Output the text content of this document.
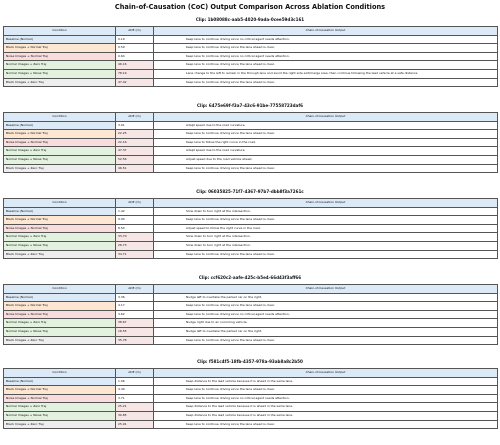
Chain-of-Causation (CoC) Output Comparison Across Ablation Conditions
Clip: 1b08088c-aab5-4020-9ada-0cee59d3c161
Condition	ADE (m)	Chain-of-Causation Output
Baseline (Normal)	0.19	Keep lane to continue driving since no critical agent needs attention.
Black Images + Normal Traj	0.59	Keep lane to continue driving since the lane ahead is clear.
Noise Images + Normal Traj	0.64	Keep lane to continue driving since no critical agent needs attention.
Normal Images + Zero Traj	46.16	Keep lane to continue driving since the lane ahead is clear.
Normal Images + Noise Traj	78.19	Lane change to the left to remain in the through lane and avoid the right side exit/merge area, then continue following the lead vehicle at a safe distance.
Black Images + Zero Traj	47.42	Keep lane to continue driving since the lane ahead is clear.
Clip: 6475e69f-f3a7-43c6-91be-77558723daf6
Condition	ADE (m)	Chain-of-Causation Output
Baseline (Normal)	3.01	Adapt speed due to the road curvature.
Black Images + Normal Traj	22.25	Keep lane to continue driving since the lane ahead is clear.
Noise Images + Normal Traj	22.16	Keep lane to follow the right curve in the road.
Normal Images + Zero Traj	47.37	Adapt speed due to the road curvature.
Normal Images + Noise Traj	52.56	Adjust speed due to the road vehicle ahead.
Black Images + Zero Traj	46.51	Keep lane to continue driving since the lane ahead is clear.
Clip: 06035825-71f7-4367-97b7-dbb8f3a7261c
Condition	ADE (m)	Chain-of-Causation Output
Baseline (Normal)	1.42	Slow down to turn right at the intersection.
Black Images + Normal Traj	9.90	Keep lane to continue driving since the lane ahead is clear.
Noise Images + Normal Traj	8.50	Adjust speed to follow the right curve in the road.
Normal Images + Zero Traj	33.70	Slow down to turn right at the intersection.
Normal Images + Noise Traj	26.73	Slow down to turn right at the intersection.
Black Images + Zero Traj	34.71	Keep lane to continue driving since the lane ahead is clear.
Clip: ccf620c2-aafe-425c-b5e4-66d43f3aff66
Condition	ADE (m)	Chain-of-Causation Output
Baseline (Normal)	3.36	Nudge left to overtake the parked car on the right.
Black Images + Normal Traj	4.17	Keep lane to continue driving since the lane ahead is clear.
Noise Images + Normal Traj	3.62	Keep lane to continue driving since no critical agent needs attention.
Normal Images + Zero Traj	38.67	Nudge right due to an oncoming vehicle.
Normal Images + Noise Traj	16.55	Nudge left to overtake the parked car on the right.
Black Images + Zero Traj	35.78	Keep lane to continue driving since the lane ahead is clear.
Clip: f581c4f5-18fb-4357-978a-93ab8a8c2b50
Condition	ADE (m)	Chain-of-Causation Output
Baseline (Normal)	1.06	Keep distance to the lead vehicle because it is ahead in the same lane.
Black Images + Normal Traj	4.49	Keep lane to continue driving since the lane ahead is clear.
Noise Images + Normal Traj	3.71	Keep lane to continue driving since no critical agent needs attention.
Normal Images + Zero Traj	25.21	Keep distance to the lead vehicle because it is ahead in the same lane.
Normal Images + Noise Traj	30.85	Keep distance to the lead vehicle because it is ahead in the same lane.
Black Images + Zero Traj	25.91	Keep lane to continue driving since the lane ahead is clear.
